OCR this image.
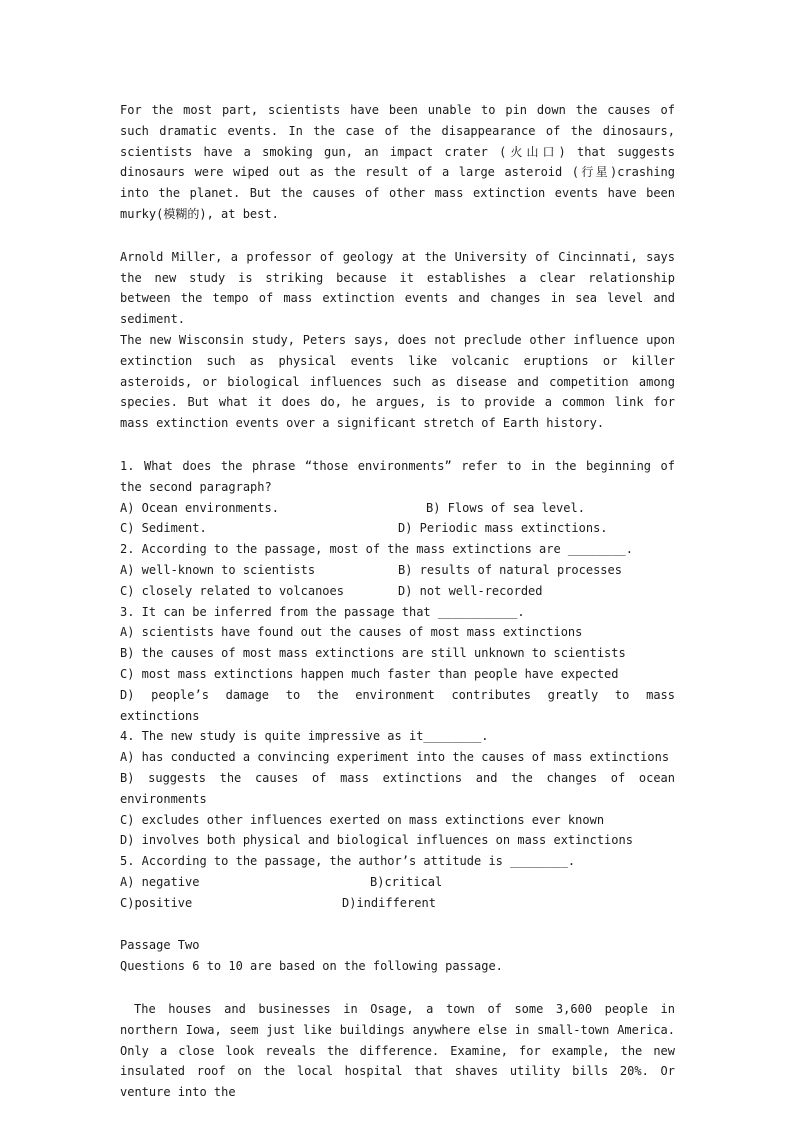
For the most part, scientists have been unable to pin down the causes of such dramatic events. In the case of the disappearance of the dinosaurs, scientists have a smoking gun, an impact crater (火山口) that suggests dinosaurs were wiped out as the result of a large asteroid (行星)crashing into the planet. But the causes of other mass extinction events have been murky(模糊的), at best.

Arnold Miller, a professor of geology at the University of Cincinnati, says the new study is striking because it establishes a clear relationship between the tempo of mass extinction events and changes in sea level and sediment.

The new Wisconsin study, Peters says, does not preclude other influence upon extinction such as physical events like volcanic eruptions or killer asteroids, or biological influences such as disease and competition among species. But what it does do, he argues, is to provide a common link for mass extinction events over a significant stretch of Earth history.

1. What does the phrase “those environments” refer to in the beginning of the second paragraph?

A) Ocean environments.	B) Flows of sea level.
C) Sediment.	D) Periodic mass extinctions.

2. According to the passage, most of the mass extinctions are ________.

A) well-known to scientists	B) results of natural processes
C) closely related to volcanoes	D) not well-recorded

3. It can be inferred from the passage that ___________.

A) scientists have found out the causes of most mass extinctions

B) the causes of most mass extinctions are still unknown to scientists

C) most mass extinctions happen much faster than people have expected

D) people’s damage to the environment contributes greatly to mass extinctions

4. The new study is quite impressive as it________.

A) has conducted a convincing experiment into the causes of mass extinctions

B) suggests the causes of mass extinctions and the changes of ocean environments

C) excludes other influences exerted on mass extinctions ever known

D) involves both physical and biological influences on mass extinctions

5. According to the passage, the author’s attitude is ________.

A) negative	B)critical
C)positive	D)indifferent

Passage Two

Questions 6 to 10 are based on the following passage.

The houses and businesses in Osage, a town of some 3,600 people in northern Iowa, seem just like buildings anywhere else in small-town America. Only a close look reveals the difference. Examine, for example, the new insulated roof on the local hospital that shaves utility bills 20%. Or venture into the
